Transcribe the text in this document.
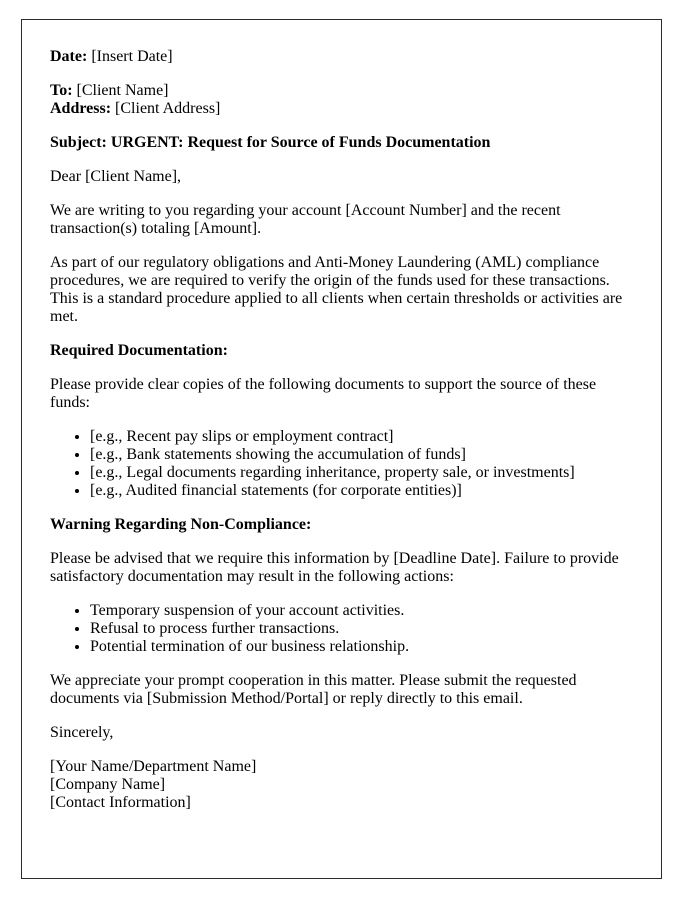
Date: [Insert Date]

To: [Client Name]
Address: [Client Address]

Subject: URGENT: Request for Source of Funds Documentation

Dear [Client Name],

We are writing to you regarding your account [Account Number] and the recent transaction(s) totaling [Amount].

As part of our regulatory obligations and Anti-Money Laundering (AML) compliance procedures, we are required to verify the origin of the funds used for these transactions. This is a standard procedure applied to all clients when certain thresholds or activities are met.

Required Documentation:

Please provide clear copies of the following documents to support the source of these funds:

• [e.g., Recent pay slips or employment contract]
• [e.g., Bank statements showing the accumulation of funds]
• [e.g., Legal documents regarding inheritance, property sale, or investments]
• [e.g., Audited financial statements (for corporate entities)]

Warning Regarding Non-Compliance:

Please be advised that we require this information by [Deadline Date]. Failure to provide satisfactory documentation may result in the following actions:

• Temporary suspension of your account activities.
• Refusal to process further transactions.
• Potential termination of our business relationship.

We appreciate your prompt cooperation in this matter. Please submit the requested documents via [Submission Method/Portal] or reply directly to this email.

Sincerely,

[Your Name/Department Name]
[Company Name]
[Contact Information]
